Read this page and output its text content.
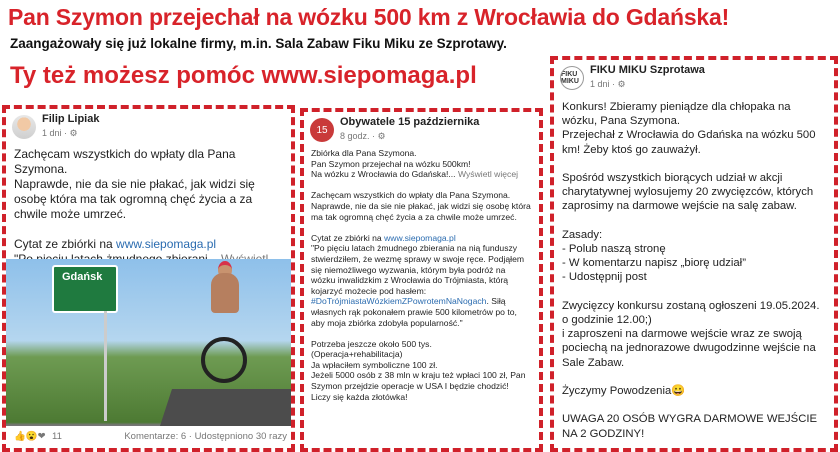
Pan Szymon przejechał na wózku 500 km z Wrocławia do Gdańska!
Zaangażowały się już lokalne firmy, m.in. Sala Zabaw Fiku Miku ze Szprotawy.
Ty też możesz pomóc www.siepomaga.pl
Filip Lipiak
1 dni · ⚙
Zachęcam wszystkich do wpłaty dla Pana Szymona.
Naprawde, nie da sie nie płakać, jak widzi się osobę która ma tak ogromną chęć życia a za chwile może umrzeć.

Cytat ze zbiórki na www.siepomaga.pl
Gdańsk
👍😮❤ 11	Komentarze: 6 · Udostępniono 30 razy
15
Obywatele 15 października
8 godz. · ⚙
Zbiórka dla Pana Szymona.
Pan Szymon przejechał na wózku 500km!
Na wózku z Wrocławia do Gdańska!... Wyświetl więcej

Zachęcam wszystkich do wpłaty dla Pana Szymona.
Naprawde, nie da sie nie płakać, jak widzi się osobę która ma tak ogromną chęć życia a za chwile może umrzeć.

Cytat ze zbiórki na www.siepomaga.pl
"Po pięciu latach żmudnego zbierania na nią funduszy stwierdziłem, że wezmę sprawy w swoje ręce. Podjąłem się niemożliwego wyzwania, którym była podróż na wózku inwalidzkim z Wrocławia do Trójmiasta, którą kojarzyć możecie pod hasłem: #DoTrójmiastaWózkiemZPowrotemNaNogach. Siłą własnych rąk pokonałem prawie 500 kilometrów po to, aby moja zbiórka zdobyła popularność."

Potrzeba jeszcze około 500 tys.
(Operacja+rehabilitacja)
Ja wpłaciłem symboliczne 100 zł.
Jeżeli 5000 osób z 38 mln w kraju też wpłaci 100 zł, Pan Szymon przejdzie operacje w USA I będzie chodzić!
Liczy się każda złotówka!
FIKU MIKU
FIKU MIKU Szprotawa
1 dni · ⚙
Konkurs! Zbieramy pieniądze dla chłopaka na wózku, Pana Szymona.
Przejechał z Wrocławia do Gdańska na wózku 500 km! Żeby ktoś go zauważył.

Spośród wszystkich biorących udział w akcji charytatywnej wylosujemy 20 zwycięzców, których zaprosimy na darmowe wejście na salę zabaw.

Zasady:
- Polub naszą stronę
- W komentarzu napisz „biorę udział”
- Udostępnij post

Zwycięzcy konkursu zostaną ogłoszeni 19.05.2024. o godzinie 12.00;)
i zaproszeni na darmowe wejście wraz ze swoją pociechą na jednorazowe dwugodzinne wejście na Sale Zabaw.

Życzymy Powodzenia😀

UWAGA 20 OSÓB WYGRA DARMOWE WEJŚCIE NA 2 GODZINY!
